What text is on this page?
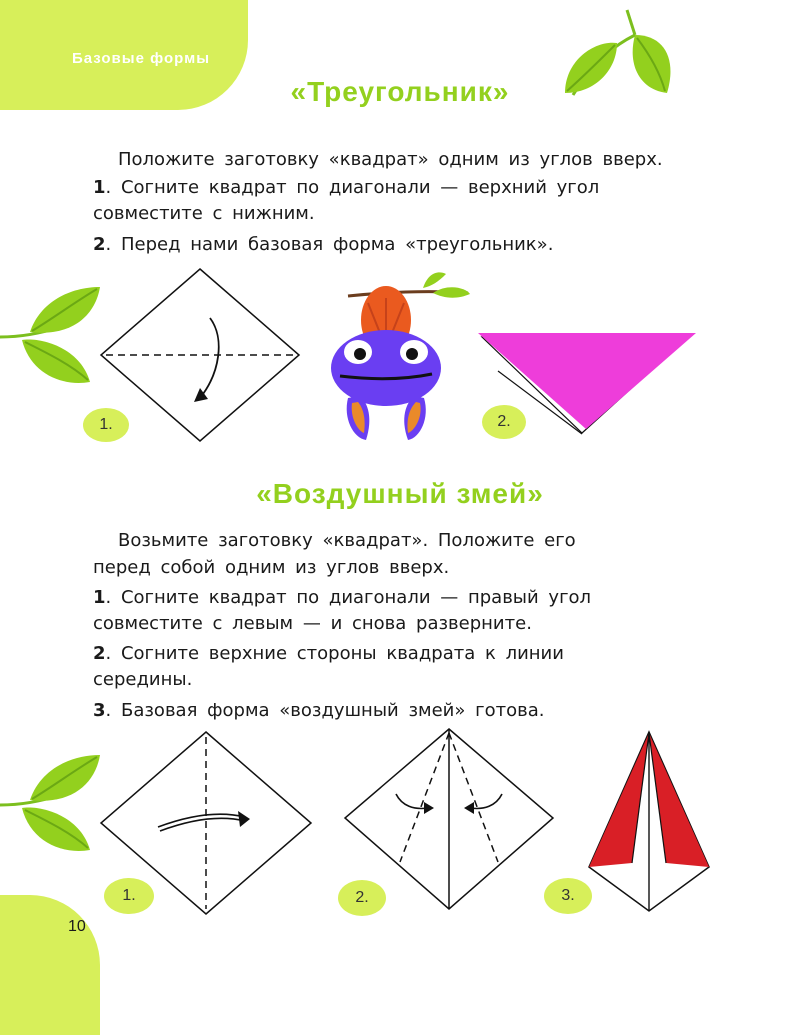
Базовые формы
«Треугольник»
Положите заготовку «квадрат» одним из углов вверх.
1. Согните квадрат по диагонали — верхний угол
совместите с нижним.
2. Перед нами базовая форма «треугольник».
1.	2.
«Воздушный змей»
Возьмите заготовку «квадрат». Положите его
перед собой одним из углов вверх.
1. Согните квадрат по диагонали — правый угол
совместите с левым — и снова разверните.
2. Согните верхние стороны квадрата к линии
середины.
3. Базовая форма «воздушный змей» готова.
1.	2.	3.
10
